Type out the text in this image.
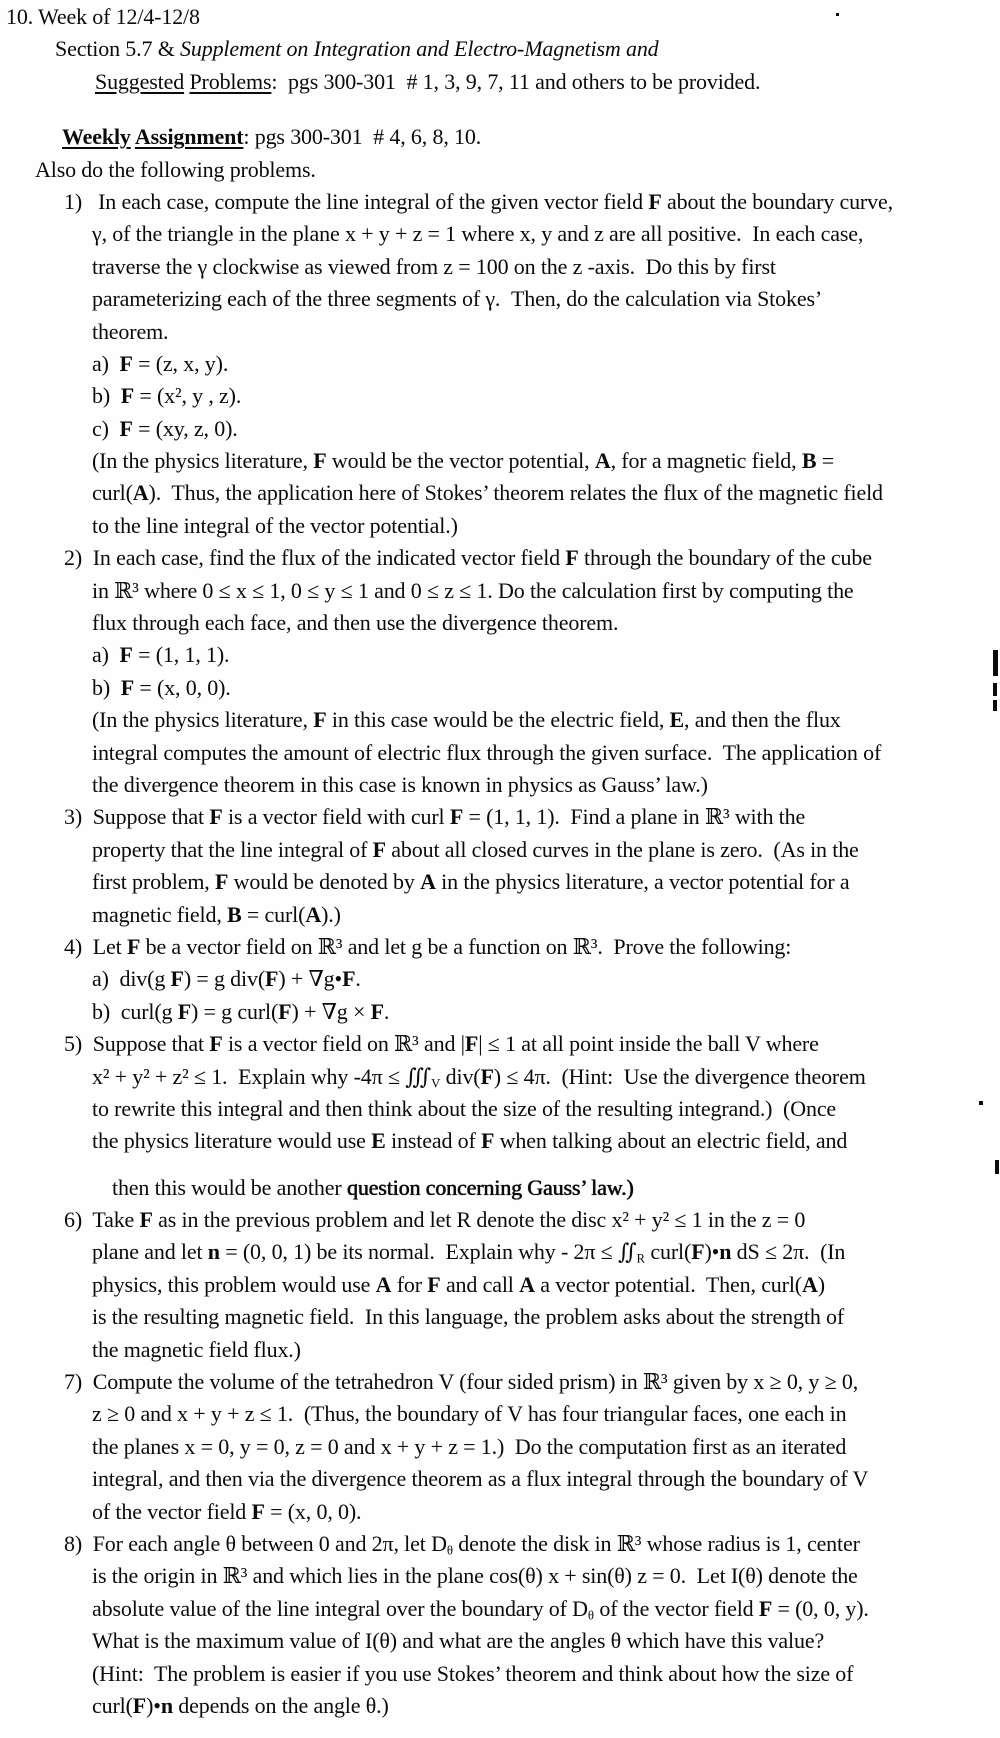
10. Week of 12/4-12/8
Section 5.7 & Supplement on Integration and Electro-Magnetism and
Suggested Problems:  pgs 300-301  # 1, 3, 9, 7, 11 and others to be provided.
Weekly Assignment: pgs 300-301  # 4, 6, 8, 10.
Also do the following problems.
1)   In each case, compute the line integral of the given vector field F about the boundary curve,
γ, of the triangle in the plane x + y + z = 1 where x, y and z are all positive.  In each case,
traverse the γ clockwise as viewed from z = 100 on the z -axis.  Do this by first
parameterizing each of the three segments of γ.  Then, do the calculation via Stokes’
theorem.
a)  F = (z, x, y).
b)  F = (x², y , z).
c)  F = (xy, z, 0).
(In the physics literature, F would be the vector potential, A, for a magnetic field, B =
curl(A).  Thus, the application here of Stokes’ theorem relates the flux of the magnetic field
to the line integral of the vector potential.)
2)  In each case, find the flux of the indicated vector field F through the boundary of the cube
in ℝ³ where 0 ≤ x ≤ 1, 0 ≤ y ≤ 1 and 0 ≤ z ≤ 1. Do the calculation first by computing the
flux through each face, and then use the divergence theorem.
a)  F = (1, 1, 1).
b)  F = (x, 0, 0).
(In the physics literature, F in this case would be the electric field, E, and then the flux
integral computes the amount of electric flux through the given surface.  The application of
the divergence theorem in this case is known in physics as Gauss’ law.)
3)  Suppose that F is a vector field with curl F = (1, 1, 1).  Find a plane in ℝ³ with the
property that the line integral of F about all closed curves in the plane is zero.  (As in the
first problem, F would be denoted by A in the physics literature, a vector potential for a
magnetic field, B = curl(A).)
4)  Let F be a vector field on ℝ³ and let g be a function on ℝ³.  Prove the following:
a)  div(g F) = g div(F) + ∇g•F.
b)  curl(g F) = g curl(F) + ∇g × F.
5)  Suppose that F is a vector field on ℝ³ and |F| ≤ 1 at all point inside the ball V where
x² + y² + z² ≤ 1.  Explain why $-4\pi \le ∭_V$ div(F) ≤ 4π.  (Hint:  Use the divergence theorem
to rewrite this integral and then think about the size of the resulting integrand.)  (Once
the physics literature would use E instead of F when talking about an electric field, and
then this would be another question concerning Gauss’ law.)
6)  Take F as in the previous problem and let R denote the disc x² + y² ≤ 1 in the z = 0
plane and let n = (0, 0, 1) be its normal.  Explain why - $2\pi \le ∬_R$ curl(F)•n dS ≤ 2π.  (In
physics, this problem would use A for F and call A a vector potential.  Then, curl(A)
is the resulting magnetic field.  In this language, the problem asks about the strength of
the magnetic field flux.)
7)  Compute the volume of the tetrahedron V (four sided prism) in ℝ³ given by x ≥ 0, y ≥ 0,
z ≥ 0 and x + y + z ≤ 1.  (Thus, the boundary of V has four triangular faces, one each in
the planes x = 0, y = 0, z = 0 and x + y + z = 1.)  Do the computation first as an iterated
integral, and then via the divergence theorem as a flux integral through the boundary of V
of the vector field F = (x, 0, 0).
8)  For each angle θ between 0 and 2π, let $D_\theta$ denote the disk in ℝ³ whose radius is 1, center
is the origin in ℝ³ and which lies in the plane cos(θ) x + sin(θ) z = 0.  Let I(θ) denote the
absolute value of the line integral over the boundary of $D_\theta$ of the vector field F = (0, 0, y).
What is the maximum value of I(θ) and what are the angles θ which have this value?
(Hint:  The problem is easier if you use Stokes’ theorem and think about how the size of
curl(F)•n depends on the angle θ.)
